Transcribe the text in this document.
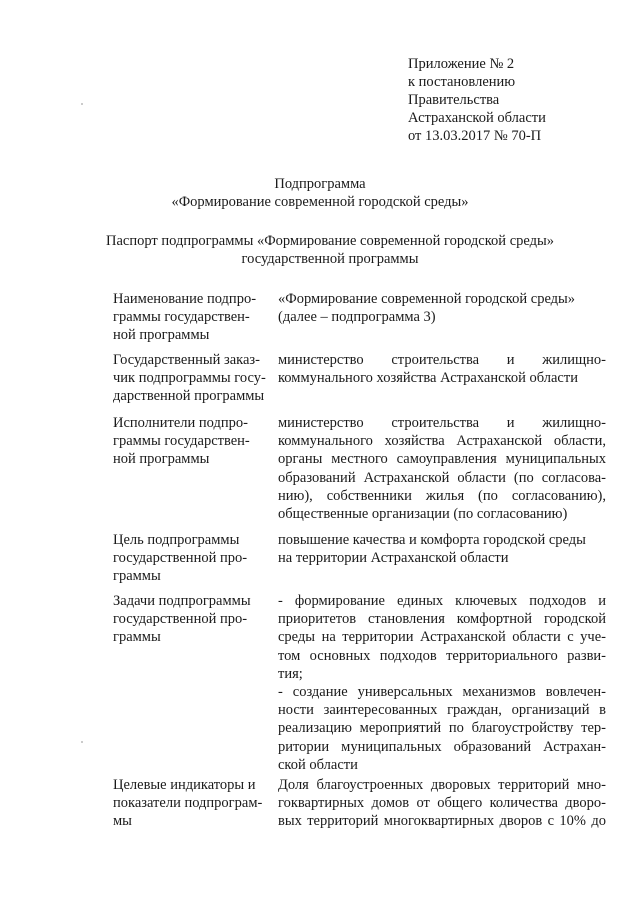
Приложение № 2
к постановлению
Правительства
Астраханской области
от 13.03.2017 № 70-П
Подпрограмма
«Формирование современной городской среды»
Паспорт подпрограммы «Формирование современной городской среды»
государственной программы
Наименование подпро-
граммы государствен-
ной программы
«Формирование современной городской среды»
(далее – подпрограмма 3)
Государственный заказ-
чик подпрограммы госу-
дарственной программы
министерство строительства и жилищно-
коммунального хозяйства Астраханской области
Исполнители подпро-
граммы государствен-
ной программы
министерство строительства и жилищно-
коммунального хозяйства Астраханской области,
органы местного самоуправления муниципальных
образований Астраханской области (по согласова-
нию), собственники жилья (по согласованию),
общественные организации (по согласованию)
Цель подпрограммы
государственной про-
граммы
повышение качества и комфорта городской среды
на территории Астраханской области
Задачи подпрограммы
государственной про-
граммы
- формирование единых ключевых подходов и
приоритетов становления комфортной городской
среды на территории Астраханской области с уче-
том основных подходов территориального разви-
тия;
- создание универсальных механизмов вовлечен-
ности заинтересованных граждан, организаций в
реализацию мероприятий по благоустройству тер-
ритории муниципальных образований Астрахан-
ской области
Целевые индикаторы и
показатели подпрограм-
мы
Доля благоустроенных дворовых территорий мно-
гоквартирных домов от общего количества дворо-
вых территорий многоквартирных дворов с 10% до
